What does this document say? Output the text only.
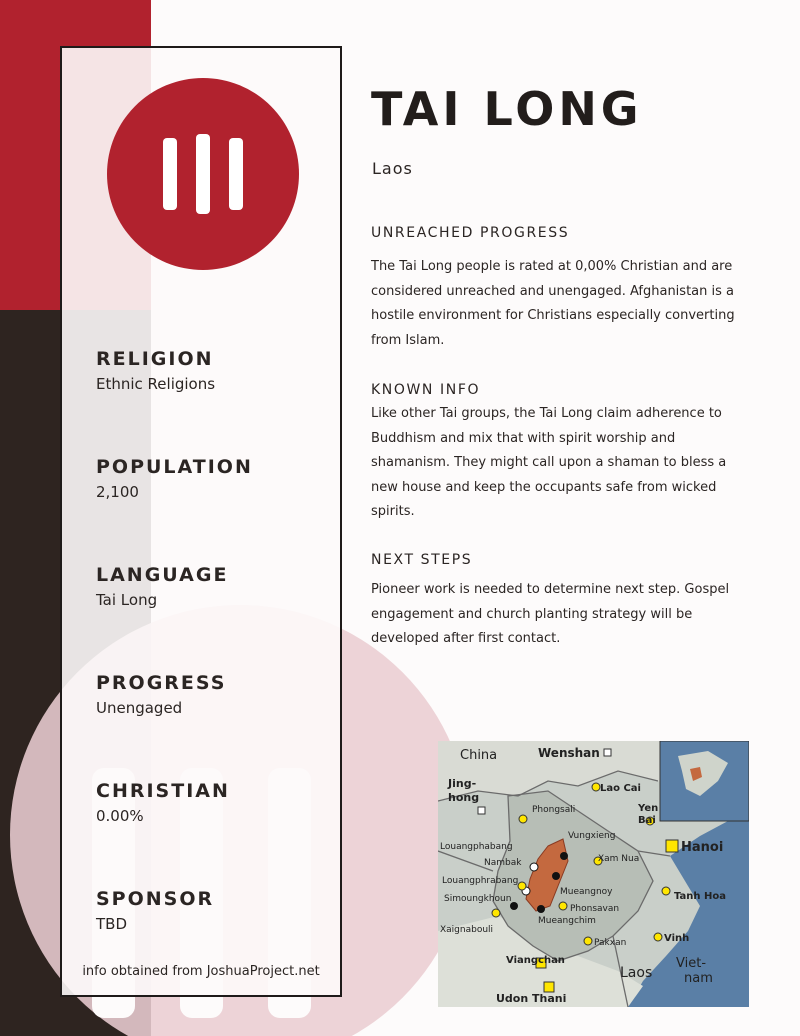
RELIGION
Ethnic Religions
POPULATION
2,100
LANGUAGE
Tai Long
PROGRESS
Unengaged
CHRISTIAN
0.00%
SPONSOR
TBD
info obtained from JoshuaProject.net
TAI LONG
Laos
UNREACHED PROGRESS
The Tai Long people is rated at 0,00% Christian and are considered unreached and unengaged. Afghanistan is a hostile environment for Christians especially converting from Islam.
KNOWN INFO
Like other Tai groups, the Tai Long claim adherence to Buddhism and mix that with spirit worship and shamanism. They might call upon a shaman to bless a new house and keep the occupants safe from wicked spirits.
NEXT STEPS
Pioneer work is needed to determine next step. Gospel engagement and church planting strategy will be developed after first contact.
China	Wenshan
Jing-
hong
Lao Cai
Phongsali	Yen
Bai
Vungxieng
Hanoi
Louangphabang
Xam Nua
Nambak
Mueangnoy
Louangphrabang
Simoungkhoun	Tanh Hoa
Phonsavan
Xaignabouli
Mueangchim
Vinh
Viangchan
Pakxan
Laos
Viet-
nam
Udon Thani
